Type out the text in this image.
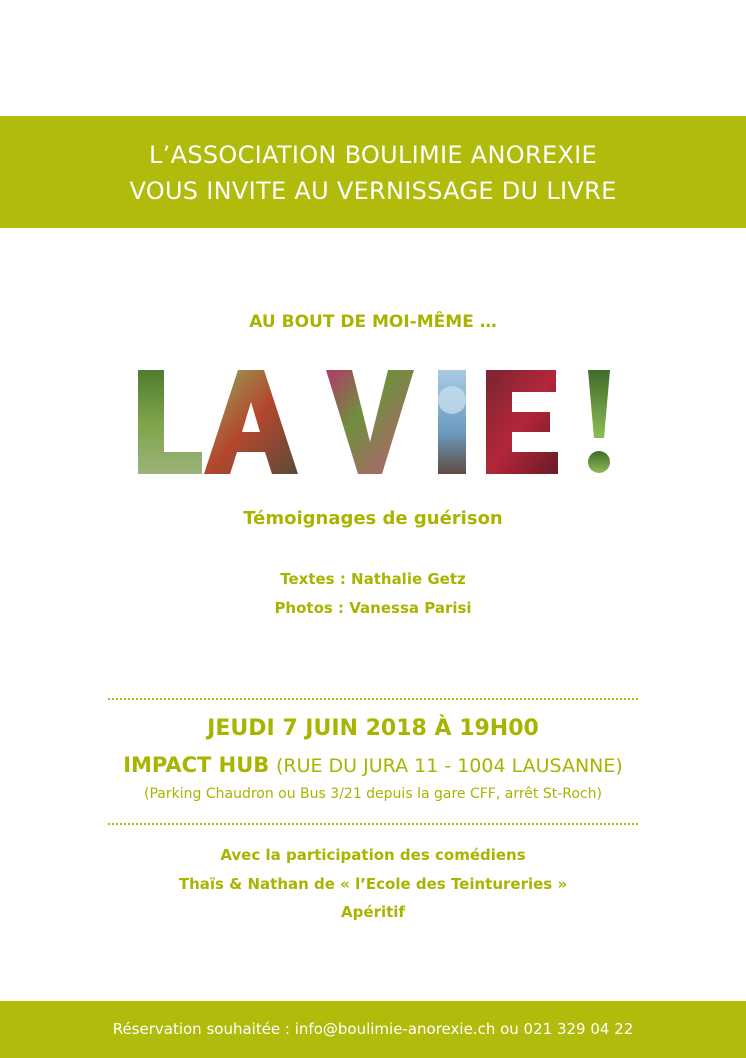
L’ASSOCIATION BOULIMIE ANOREXIE
VOUS INVITE AU VERNISSAGE DU LIVRE
AU BOUT DE MOI-MÊME …
Témoignages de guérison
Textes : Nathalie Getz
Photos : Vanessa Parisi
JEUDI 7 JUIN 2018 À 19H00
IMPACT HUB (RUE DU JURA 11 - 1004 LAUSANNE)
(Parking Chaudron ou Bus 3/21 depuis la gare CFF, arrêt St-Roch)
Avec la participation des comédiens
Thaïs & Nathan de « l’Ecole des Teintureries »
Apéritif
Réservation souhaitée : info@boulimie-anorexie.ch ou 021 329 04 22
